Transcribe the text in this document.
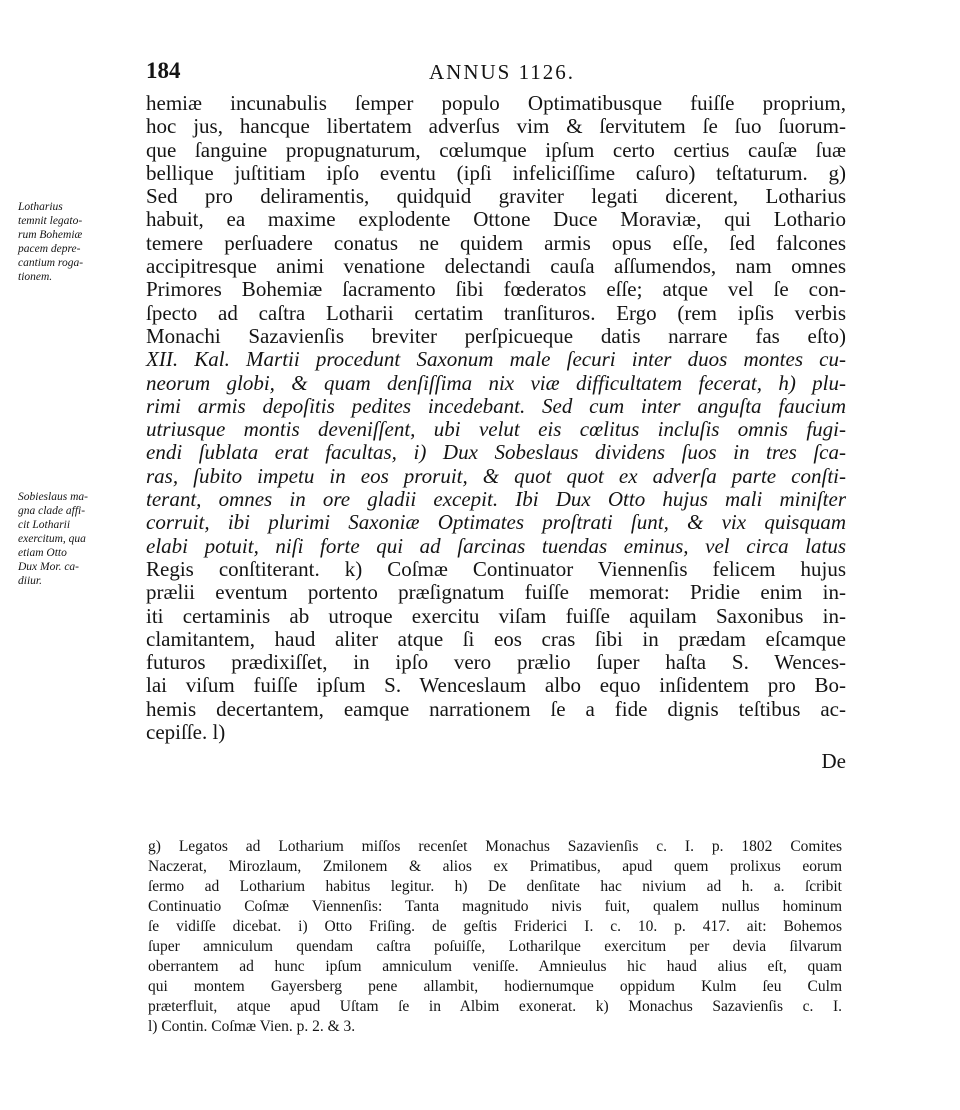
184	ANNUS 1126.
Lotharius
temnit legato-
rum Bohemiæ
pacem depre-
cantium roga-
tionem.
Sobieslaus ma-
gna clade affi-
cit Lotharii
exercitum, qua
etiam Otto
Dux Mor. ca-
diiur.
hemiæ incunabulis ſemper populo Optimatibusque fuiſſe proprium,
hoc jus, hancque libertatem adverſus vim & ſervitutem ſe ſuo ſuorum-
que ſanguine propugnaturum, cœlumque ipſum certo certius cauſæ ſuæ
bellique juſtitiam ipſo eventu (ipſi infeliciſſime caſuro) teſtaturum. g)
Sed pro deliramentis, quidquid graviter legati dicerent, Lotharius
habuit, ea maxime explodente Ottone Duce Moraviæ, qui Lothario
temere perſuadere conatus ne quidem armis opus eſſe, ſed falcones
accipitresque animi venatione delectandi cauſa aſſumendos, nam omnes
Primores Bohemiæ ſacramento ſibi fœderatos eſſe; atque vel ſe con-
ſpecto ad caſtra Lotharii certatim tranſituros. Ergo (rem ipſis verbis
Monachi Sazavienſis breviter perſpicueque datis narrare fas eſto)
XII. Kal. Martii procedunt Saxonum male ſecuri inter duos montes cu-
neorum globi, & quam denſiſſima nix viæ difficultatem fecerat, h) plu-
rimi armis depoſitis pedites incedebant. Sed cum inter anguſta faucium
utriusque montis deveniſſent, ubi velut eis cœlitus incluſis omnis fugi-
endi ſublata erat facultas, i) Dux Sobeslaus dividens ſuos in tres ſca-
ras, ſubito impetu in eos proruit, & quot quot ex adverſa parte conſti-
terant, omnes in ore gladii excepit. Ibi Dux Otto hujus mali miniſter
corruit, ibi plurimi Saxoniæ Optimates proſtrati ſunt, & vix quisquam
elabi potuit, niſi forte qui ad ſarcinas tuendas eminus, vel circa latus
Regis conſtiterant. k) Coſmæ Continuator Viennenſis felicem hujus
prælii eventum portento præſignatum fuiſſe memorat: Pridie enim in-
iti certaminis ab utroque exercitu viſam fuiſſe aquilam Saxonibus in-
clamitantem, haud aliter atque ſi eos cras ſibi in prædam eſcamque
futuros prædixiſſet, in ipſo vero prælio ſuper haſta S. Wences-
lai viſum fuiſſe ipſum S. Wenceslaum albo equo inſidentem pro Bo-
hemis decertantem, eamque narrationem ſe a fide dignis teſtibus ac-
cepiſſe. l)
De
g) Legatos ad Lotharium miſſos recenſet Monachus Sazavienſis c. I. p. 1802 Comites
Naczerat, Mirozlaum, Zmilonem & alios ex Primatibus, apud quem prolixus eorum
ſermo ad Lotharium habitus legitur. h) De denſitate hac nivium ad h. a. ſcribit
Continuatio Coſmæ Viennenſis: Tanta magnitudo nivis fuit, qualem nullus hominum
ſe vidiſſe dicebat. i) Otto Friſing. de geſtis Friderici I. c. 10. p. 417. ait: Bohemos
ſuper amniculum quendam caſtra poſuiſſe, Lotharilque exercitum per devia ſilvarum
oberrantem ad hunc ipſum amniculum veniſſe. Amnieulus hic haud alius eſt, quam
qui montem Gayersberg pene allambit, hodiernumque oppidum Kulm ſeu Culm
præterfluit, atque apud Uſtam ſe in Albim exonerat. k) Monachus Sazavienſis c. I.
l) Contin. Coſmæ Vien. p. 2. & 3.
